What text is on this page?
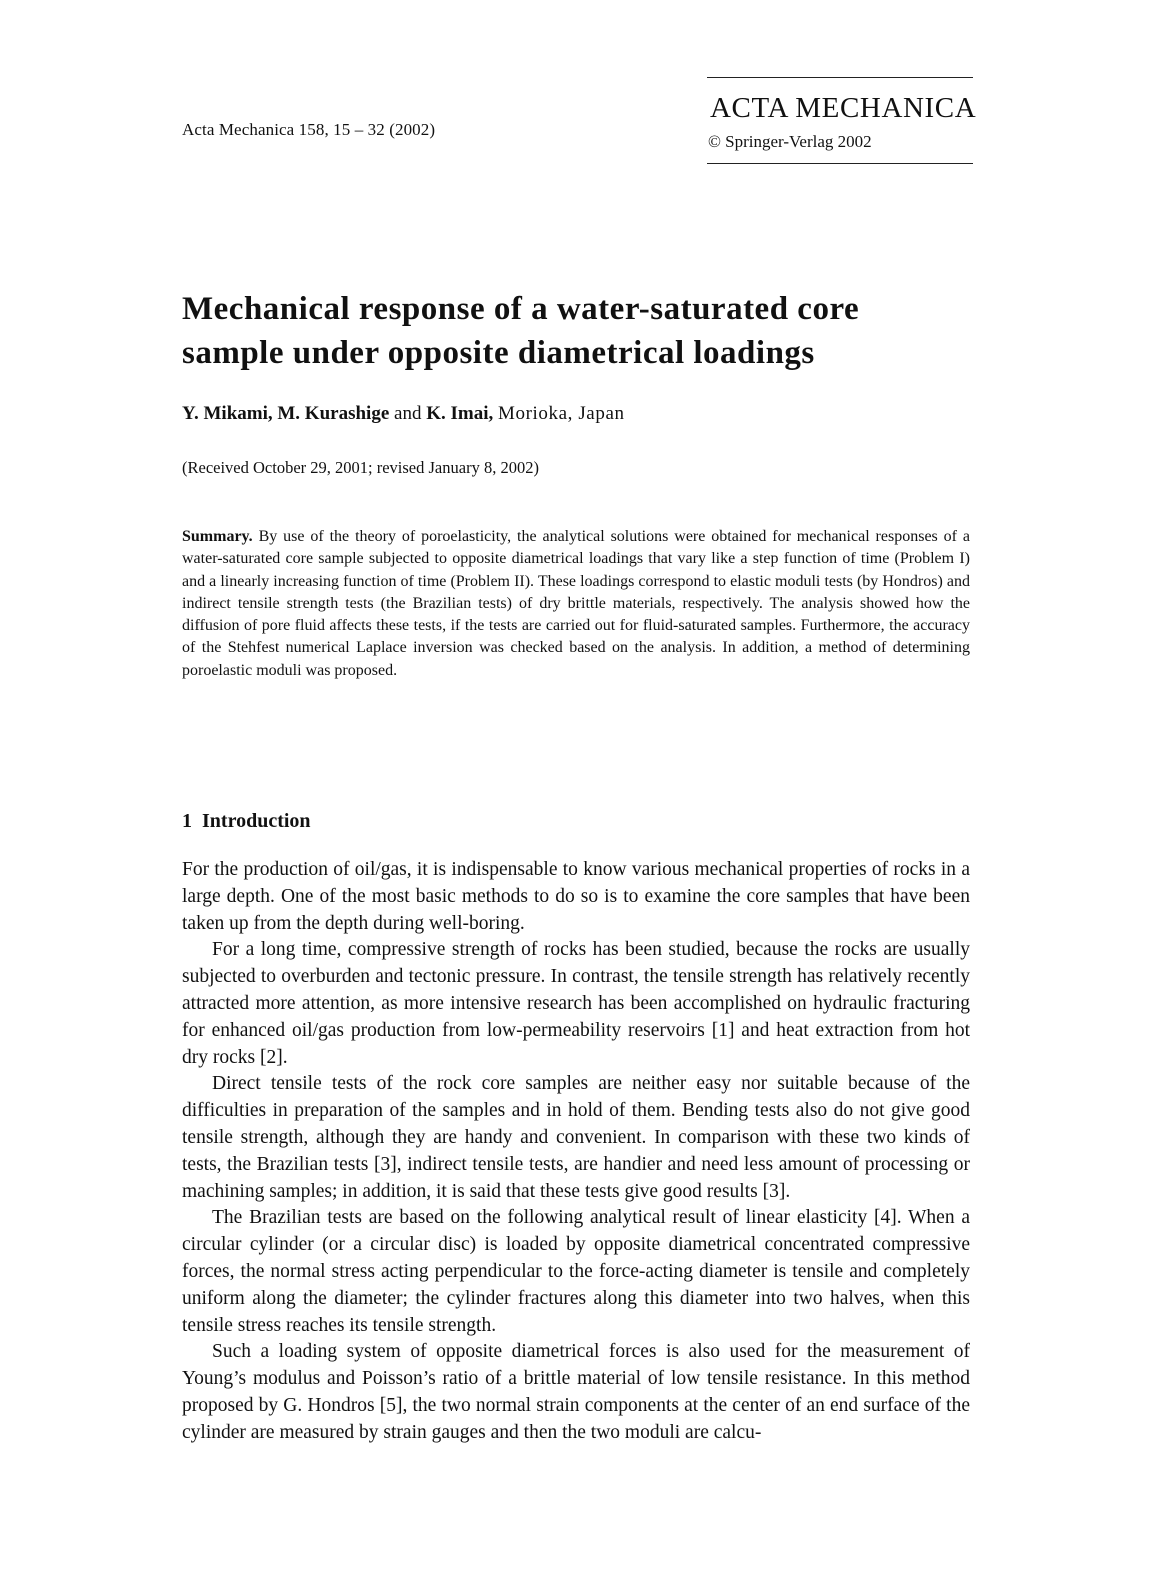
Acta Mechanica 158, 15 – 32 (2002)
ACTA MECHANICA
© Springer-Verlag 2002
Mechanical response of a water-saturated core sample under opposite diametrical loadings
Y. Mikami, M. Kurashige and K. Imai, Morioka, Japan
(Received October 29, 2001; revised January 8, 2002)

Summary. By use of the theory of poroelasticity, the analytical solutions were obtained for mechanical responses of a water-saturated core sample subjected to opposite diametrical loadings that vary like a step function of time (Problem I) and a linearly increasing function of time (Problem II). These loadings correspond to elastic moduli tests (by Hondros) and indirect tensile strength tests (the Brazilian tests) of dry brittle materials, respectively. The analysis showed how the diffusion of pore fluid affects these tests, if the tests are carried out for fluid-saturated samples. Furthermore, the accuracy of the Stehfest numerical Laplace inversion was checked based on the analysis. In addition, a method of determining poroelastic moduli was proposed.

1 Introduction

For the production of oil/gas, it is indispensable to know various mechanical properties of rocks in a large depth. One of the most basic methods to do so is to examine the core samples that have been taken up from the depth during well-boring.

For a long time, compressive strength of rocks has been studied, because the rocks are usually subjected to overburden and tectonic pressure. In contrast, the tensile strength has relatively recently attracted more attention, as more intensive research has been accomplished on hydraulic fracturing for enhanced oil/gas production from low-permeability reservoirs [1] and heat extraction from hot dry rocks [2].

Direct tensile tests of the rock core samples are neither easy nor suitable because of the difficulties in preparation of the samples and in hold of them. Bending tests also do not give good tensile strength, although they are handy and convenient. In comparison with these two kinds of tests, the Brazilian tests [3], indirect tensile tests, are handier and need less amount of processing or machining samples; in addition, it is said that these tests give good results [3].

The Brazilian tests are based on the following analytical result of linear elasticity [4]. When a circular cylinder (or a circular disc) is loaded by opposite diametrical concentrated compressive forces, the normal stress acting perpendicular to the force-acting diameter is tensile and completely uniform along the diameter; the cylinder fractures along this diameter into two halves, when this tensile stress reaches its tensile strength.

Such a loading system of opposite diametrical forces is also used for the measurement of Young’s modulus and Poisson’s ratio of a brittle material of low tensile resistance. In this method proposed by G. Hondros [5], the two normal strain components at the center of an end surface of the cylinder are measured by strain gauges and then the two moduli are calcu-
